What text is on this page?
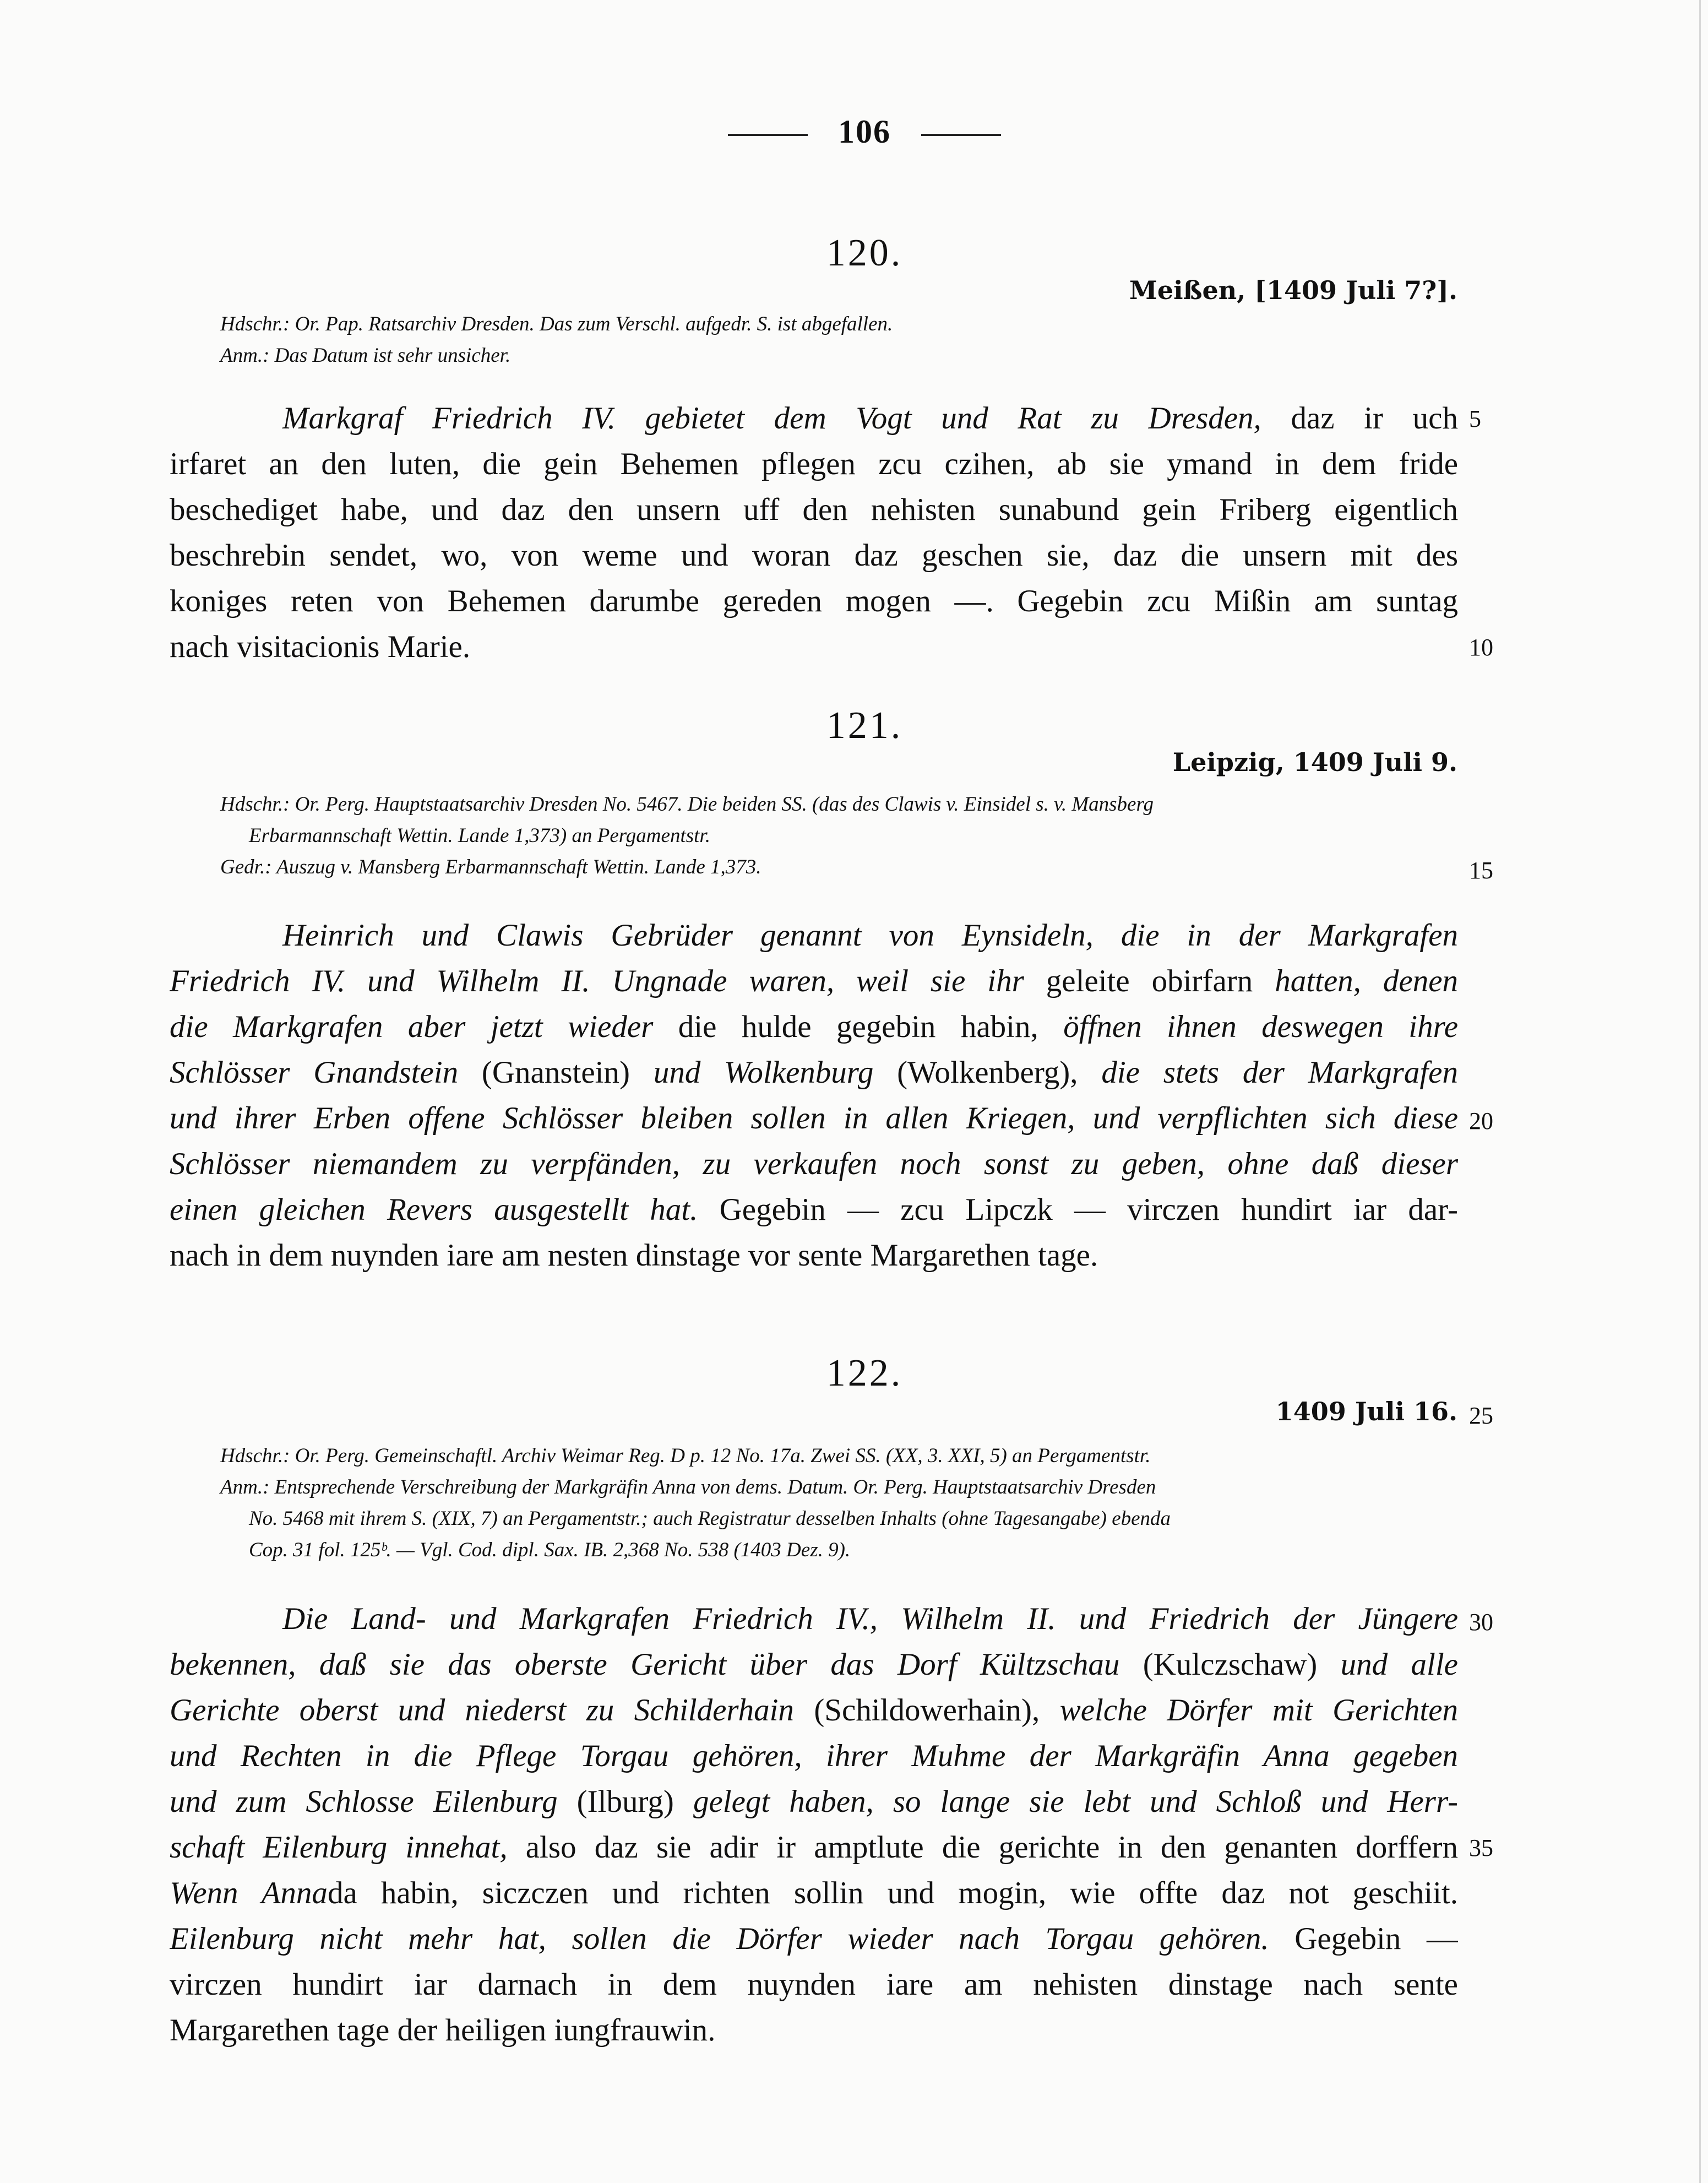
106
120.
Meißen, [1409 Juli 7?].
Hdschr.: Or. Pap. Ratsarchiv Dresden. Das zum Verschl. aufgedr. S. ist abgefallen.
Anm.: Das Datum ist sehr unsicher.
Markgraf Friedrich IV. gebietet dem Vogt und Rat zu Dresden, daz ir uch
irfaret an den luten, die gein Behemen pflegen zcu czihen, ab sie ymand in dem fride
beschediget habe, und daz den unsern uff den nehisten sunabund gein Friberg eigentlich
beschrebin sendet, wo, von weme und woran daz geschen sie, daz die unsern mit des
koniges reten von Behemen darumbe gereden mogen —. Gegebin zcu Mißin am suntag
nach visitacionis Marie.
121.
Leipzig, 1409 Juli 9.
Hdschr.: Or. Perg. Hauptstaatsarchiv Dresden No. 5467. Die beiden SS. (das des Clawis v. Einsidel s. v. Mansberg
Erbarmannschaft Wettin. Lande 1,373) an Pergamentstr.
Gedr.: Auszug v. Mansberg Erbarmannschaft Wettin. Lande 1,373.
Heinrich und Clawis Gebrüder genannt von Eynsideln, die in der Markgrafen
Friedrich IV. und Wilhelm II. Ungnade waren, weil sie ihr geleite obirfarn hatten, denen
die Markgrafen aber jetzt wieder die hulde gegebin habin, öffnen ihnen deswegen ihre
Schlösser Gnandstein (Gnanstein) und Wolkenburg (Wolkenberg), die stets der Markgrafen
und ihrer Erben offene Schlösser bleiben sollen in allen Kriegen, und verpflichten sich diese
Schlösser niemandem zu verpfänden, zu verkaufen noch sonst zu geben, ohne daß dieser
einen gleichen Revers ausgestellt hat. Gegebin — zcu Lipczk — virczen hundirt iar dar-
nach in dem nuynden iare am nesten dinstage vor sente Margarethen tage.
122.
1409 Juli 16.
Hdschr.: Or. Perg. Gemeinschaftl. Archiv Weimar Reg. D p. 12 No. 17a. Zwei SS. (XX, 3. XXI, 5) an Pergamentstr.
Anm.: Entsprechende Verschreibung der Markgräfin Anna von dems. Datum. Or. Perg. Hauptstaatsarchiv Dresden
No. 5468 mit ihrem S. (XIX, 7) an Pergamentstr.; auch Registratur desselben Inhalts (ohne Tagesangabe) ebenda
Cop. 31 fol. 125ᵇ. — Vgl. Cod. dipl. Sax. IB. 2,368 No. 538 (1403 Dez. 9).
Die Land- und Markgrafen Friedrich IV., Wilhelm II. und Friedrich der Jüngere
bekennen, daß sie das oberste Gericht über das Dorf Kültzschau (Kulczschaw) und alle
Gerichte oberst und niederst zu Schilderhain (Schildowerhain), welche Dörfer mit Gerichten
und Rechten in die Pflege Torgau gehören, ihrer Muhme der Markgräfin Anna gegeben
und zum Schlosse Eilenburg (Ilburg) gelegt haben, so lange sie lebt und Schloß und Herr-
schaft Eilenburg innehat, also daz sie adir ir amptlute die gerichte in den genanten dorffern
Wenn Annada habin, siczczen und richten sollin und mogin, wie offte daz not geschiit.
Eilenburg nicht mehr hat, sollen die Dörfer wieder nach Torgau gehören. Gegebin —
virczen hundirt iar darnach in dem nuynden iare am nehisten dinstage nach sente
Margarethen tage der heiligen iungfrauwin.
5
10
15
20
25
30
35
